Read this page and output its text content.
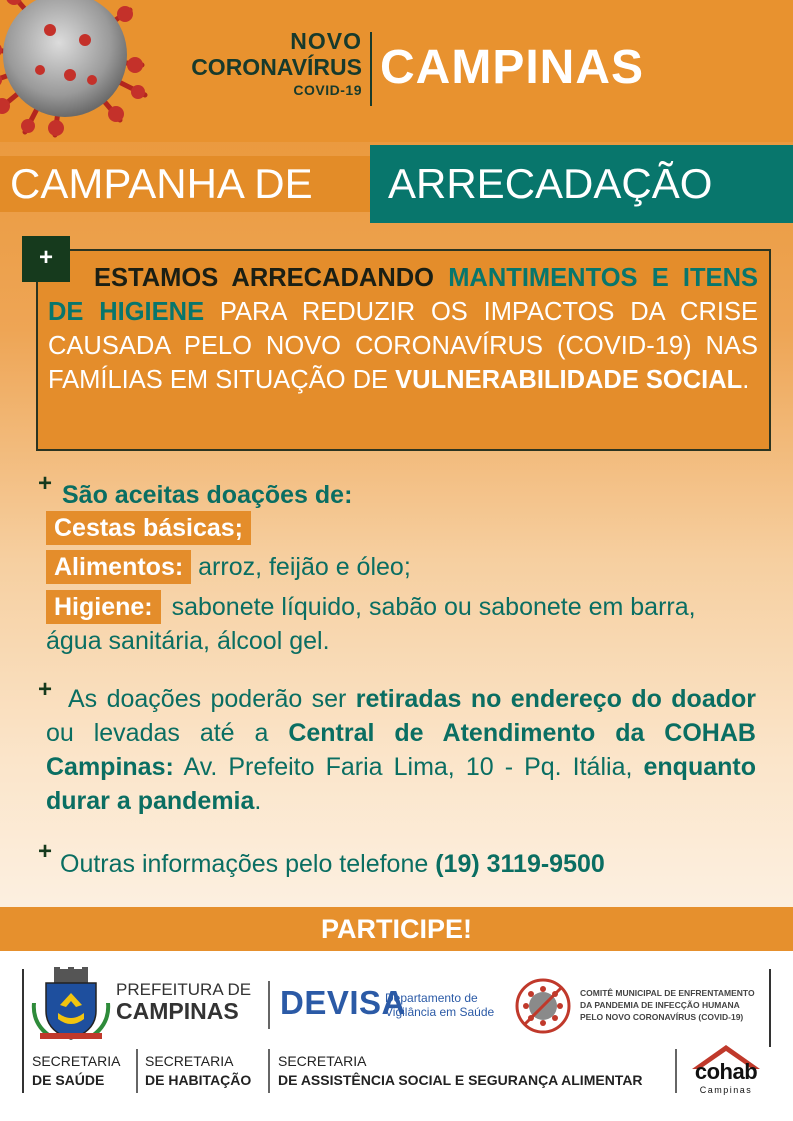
NOVO
CORONAVÍRUS
COVID-19 CAMPINAS
CAMPANHA DE	ARRECADAÇÃO
ESTAMOS ARRECADANDO MANTIMENTOS E ITENS DE HIGIENE PARA REDUZIR OS IMPACTOS DA CRISE CAUSADA PELO NOVO CORONAVÍRUS (COVID-19) NAS FAMÍLIAS EM SITUAÇÃO DE VULNERABILIDADE SOCIAL.
+
+ São aceitas doações de:
Cestas básicas;
Alimentos: arroz, feijão e óleo;
Higiene: sabonete líquido, sabão ou sabonete em barra,
água sanitária, álcool gel.
+ As doações poderão ser retiradas no endereço do doador ou levadas até a Central de Atendimento da COHAB Campinas: Av. Prefeito Faria Lima, 10 - Pq. Itália, enquanto durar a pandemia.
+ Outras informações pelo telefone (19) 3119-9500
PARTICIPE!
PREFEITURA DE
CAMPINAS	DEVISA
Departamento de
Vigilância em Saúde
COMITÊ MUNICIPAL DE ENFRENTAMENTO
DA PANDEMIA DE INFECÇÃO HUMANA
PELO NOVO CORONAVÍRUS (COVID-19)
SECRETARIA
DE SAÚDE
SECRETARIA
DE HABITAÇÃO
SECRETARIA
DE ASSISTÊNCIA SOCIAL E SEGURANÇA ALIMENTAR cohab
Campinas
